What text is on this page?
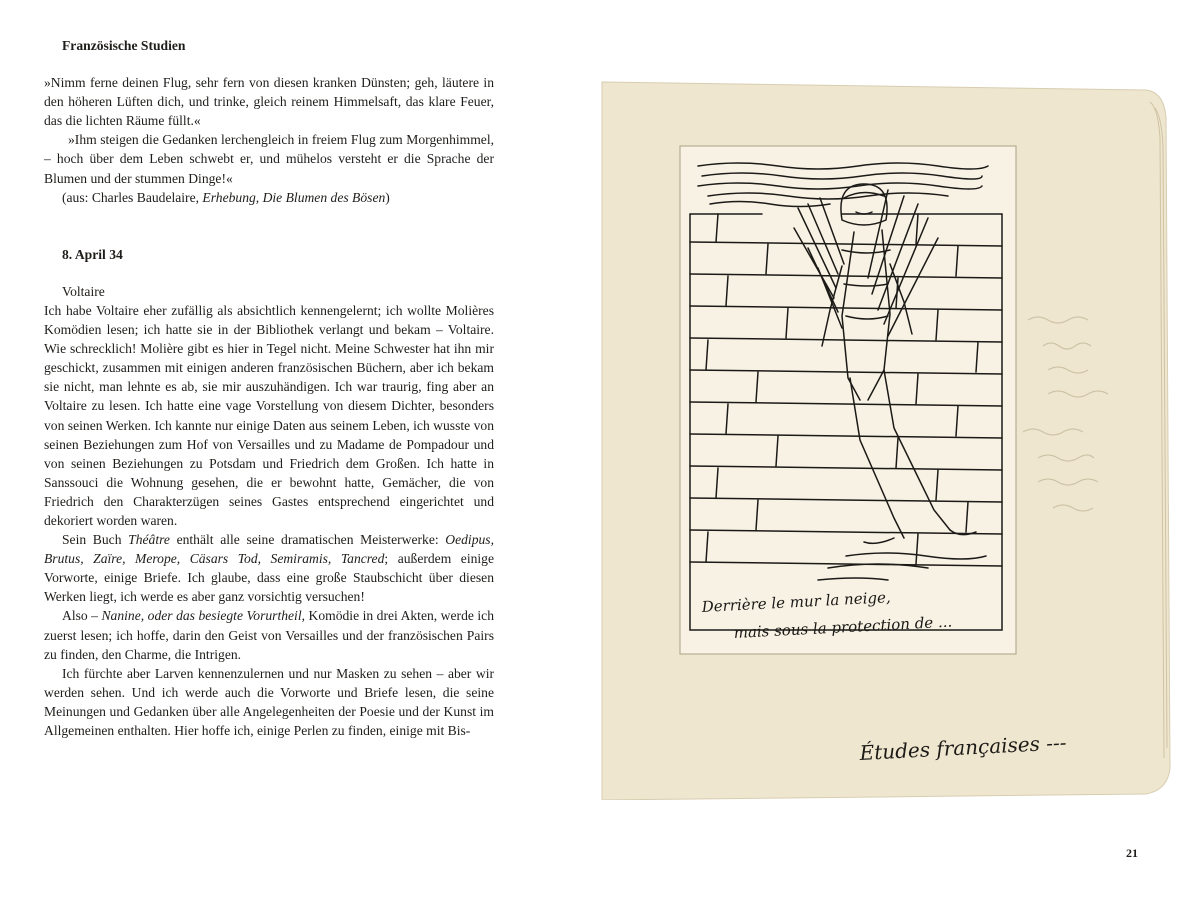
Französische Studien

»Nimm ferne deinen Flug, sehr fern von diesen kranken Dünsten; geh, läutere in den höheren Lüften dich, und trinke, gleich reinem Himmelsaft, das klare Feuer, das die lichten Räume füllt.«

»Ihm steigen die Gedanken lerchengleich in freiem Flug zum Morgenhimmel, – hoch über dem Leben schwebt er, und mühelos versteht er die Sprache der Blumen und der stummen Dinge!«

(aus: Charles Baudelaire, Erhebung, Die Blumen des Bösen)

8. April 34

Voltaire

Ich habe Voltaire eher zufällig als absichtlich kennengelernt; ich wollte Molières Komödien lesen; ich hatte sie in der Bibliothek verlangt und bekam – Voltaire. Wie schrecklich! Molière gibt es hier in Tegel nicht. Meine Schwester hat ihn mir geschickt, zusammen mit einigen anderen französischen Büchern, aber ich bekam sie nicht, man lehnte es ab, sie mir auszuhändigen. Ich war traurig, fing aber an Voltaire zu lesen. Ich hatte eine vage Vorstellung von diesem Dichter, besonders von seinen Werken. Ich kannte nur einige Daten aus seinem Leben, ich wusste von seinen Beziehungen zum Hof von Versailles und zu Madame de Pompadour und von seinen Beziehungen zu Potsdam und Friedrich dem Großen. Ich hatte in Sanssouci die Wohnung gesehen, die er bewohnt hatte, Gemächer, die von Friedrich den Charakterzügen seines Gastes entsprechend eingerichtet und dekoriert worden waren.

Sein Buch Théâtre enthält alle seine dramatischen Meisterwerke: Oedipus, Brutus, Zaïre, Merope, Cäsars Tod, Semiramis, Tancred; außerdem einige Vorworte, einige Briefe. Ich glaube, dass eine große Staubschicht über diesen Werken liegt, ich werde es aber ganz vorsichtig versuchen!

Also – Nanine, oder das besiegte Vorurtheil, Komödie in drei Akten, werde ich zuerst lesen; ich hoffe, darin den Geist von Versailles und der französischen Pairs zu finden, den Charme, die Intrigen.

Ich fürchte aber Larven kennenzulernen und nur Masken zu sehen – aber wir werden sehen. Und ich werde auch die Vorworte und Briefe lesen, die seine Meinungen und Gedanken über alle Angelegenheiten der Poesie und der Kunst im Allgemeinen enthalten. Hier hoffe ich, einige Perlen zu finden, einige mit Bis-

Derrière le mur la neige,
mais sous la protection de ...
Études françaises ---
21
